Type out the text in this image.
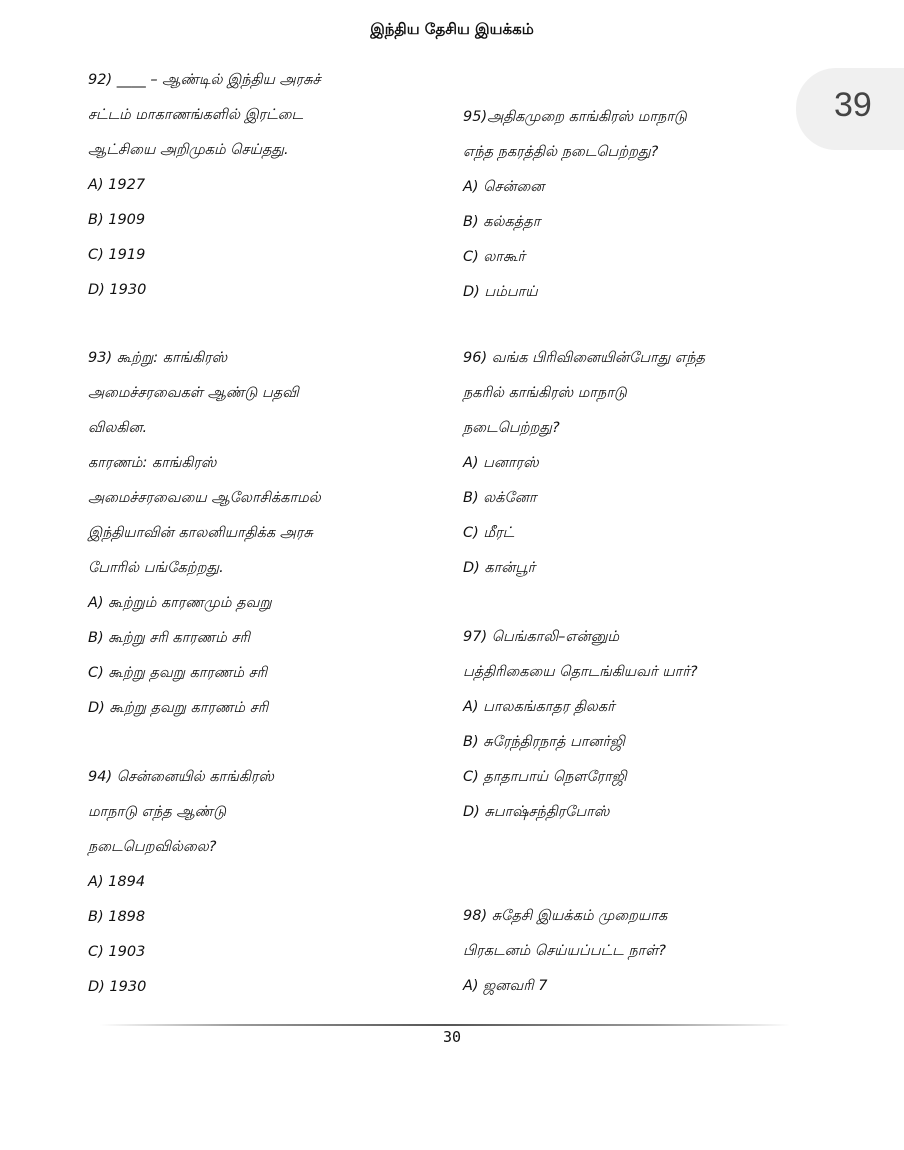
இந்திய தேசிய இயக்கம்
39
92) ____ – ஆண்டில் இந்திய அரசுச்
சட்டம் மாகாணங்களில் இரட்டை
ஆட்சியை அறிமுகம் செய்தது.
A) 1927
B) 1909
C) 1919
D) 1930
95)அதிகமுறை காங்கிரஸ் மாநாடு
எந்த நகரத்தில் நடைபெற்றது?
A) சென்னை
B) கல்கத்தா
C) லாகூர்
D) பம்பாய்
93) கூற்று: காங்கிரஸ்
அமைச்சரவைகள் ஆண்டு பதவி
விலகின.
காரணம்: காங்கிரஸ்
அமைச்சரவையை ஆலோசிக்காமல்
இந்தியாவின் காலனியாதிக்க அரசு
போரில் பங்கேற்றது.
A) கூற்றும் காரணமும் தவறு
B) கூற்று சரி காரணம் சரி
C) கூற்று தவறு காரணம் சரி
D) கூற்று தவறு காரணம் சரி
96) வங்க பிரிவினையின்போது எந்த
நகரில் காங்கிரஸ் மாநாடு
நடைபெற்றது?
A) பனாரஸ்
B) லக்னோ
C) மீரட்
D) கான்பூர்
97) பெங்காலி–என்னும்
பத்திரிகையை தொடங்கியவர் யார்?
A) பாலகங்காதர திலகர்
B) சுரேந்திரநாத் பானர்ஜி
C) தாதாபாய் நௌரோஜி
D) சுபாஷ்சந்திரபோஸ்
94) சென்னையில் காங்கிரஸ்
மாநாடு எந்த ஆண்டு
நடைபெறவில்லை?
A) 1894
B) 1898
C) 1903
D) 1930
98) சுதேசி இயக்கம் முறையாக
பிரகடனம் செய்யப்பட்ட நாள்?
A) ஜனவரி 7
30
